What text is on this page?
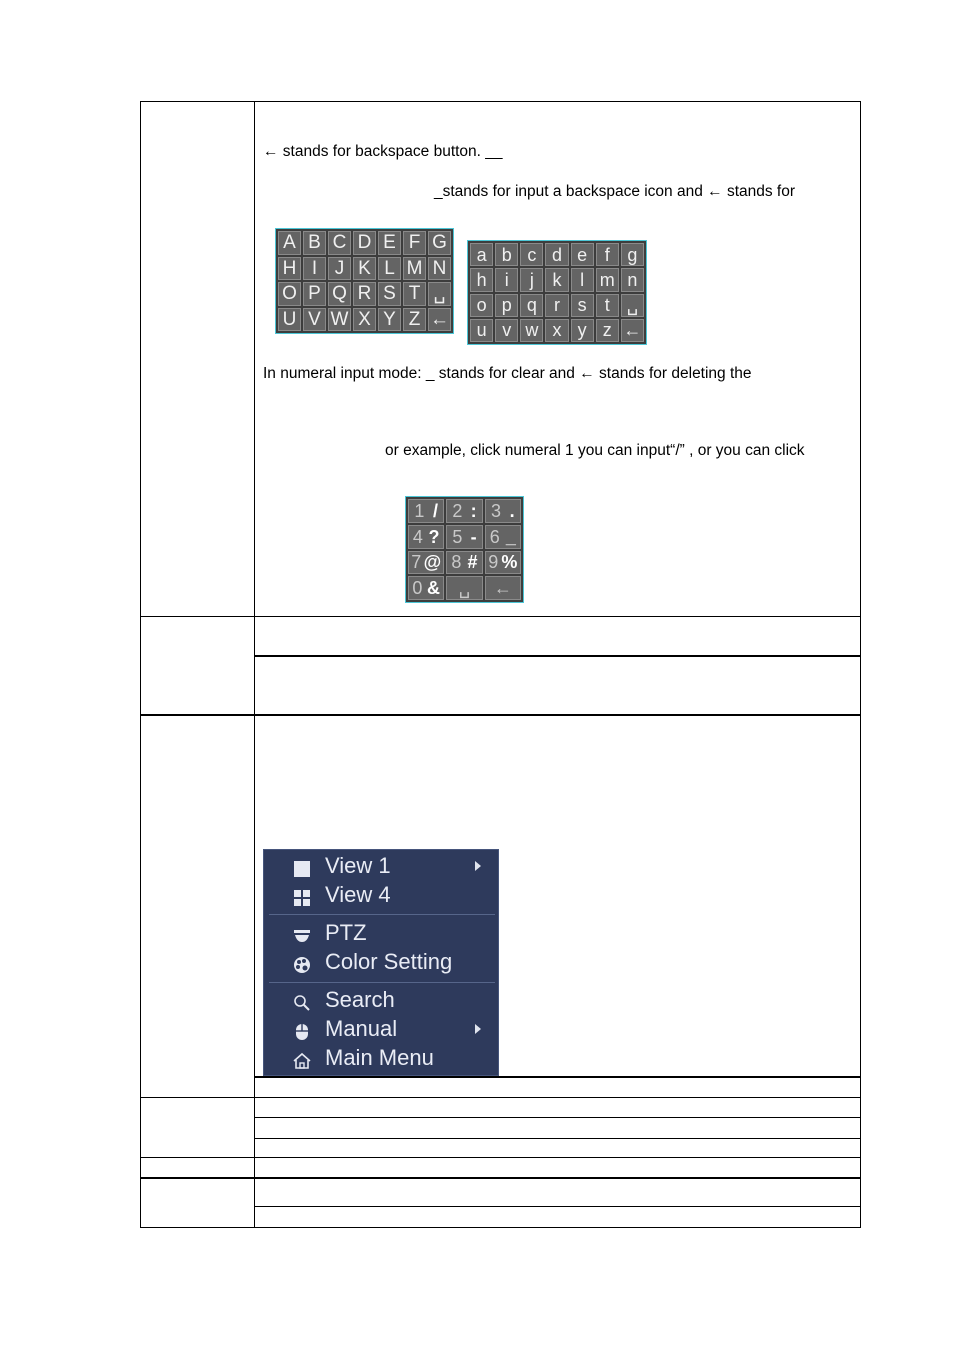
← stands for backspace button. __
_stands for input a backspace icon and ← stands for
In numeral input mode: _ stands for clear and ← stands for deleting the
or example, click numeral 1 you can input“/” , or you can click
A B C D E F G
H I J K L M N
O P Q R S T ␣
U V W X Y Z ←
a b c d e f g
h	i	j	k	l m n
o p q r s	t ␣
u v w x y z ←
1 / 2 : 3 .
4 ? 5 - 6 _
7 @ 8 # 9 %
0 & ␣ ←
View 1
View 4
PTZ
Color Setting
Search
Manual
Main Menu
